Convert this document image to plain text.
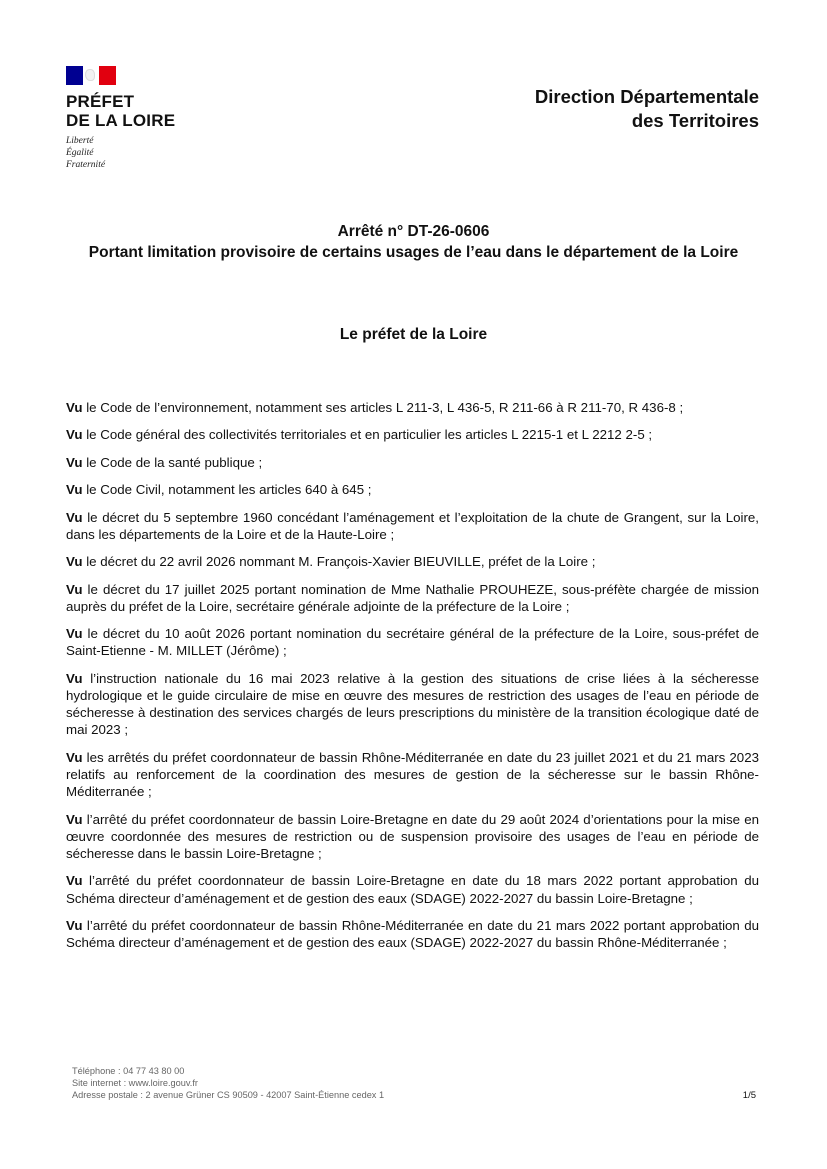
PRÉFET
DE LA LOIRE
Liberté
Égalité
Fraternité
Direction Départementale
des Territoires
Arrêté n° DT-26-0606
Portant limitation provisoire de certains usages de l’eau dans le département de la Loire
Le préfet de la Loire

Vu le Code de l’environnement, notamment ses articles L 211-3, L 436-5, R 211-66 à R 211-70, R 436-8 ;

Vu le Code général des collectivités territoriales et en particulier les articles L 2215-1 et L 2212 2-5 ;

Vu le Code de la santé publique ;

Vu le Code Civil, notamment les articles 640 à 645 ;

Vu le décret du 5 septembre 1960 concédant l’aménagement et l’exploitation de la chute de Grangent, sur la Loire, dans les départements de la Loire et de la Haute-Loire ;

Vu le décret du 22 avril 2026 nommant M. François-Xavier BIEUVILLE, préfet de la Loire ;

Vu le décret du 17 juillet 2025 portant nomination de Mme Nathalie PROUHEZE, sous-préfète chargée de mission auprès du préfet de la Loire, secrétaire générale adjointe de la préfecture de la Loire ;

Vu le décret du 10 août 2026 portant nomination du secrétaire général de la préfecture de la Loire, sous-préfet de Saint-Etienne - M. MILLET (Jérôme) ;

Vu l’instruction nationale du 16 mai 2023 relative à la gestion des situations de crise liées à la sécheresse hydrologique et le guide circulaire de mise en œuvre des mesures de restriction des usages de l’eau en période de sécheresse à destination des services chargés de leurs prescriptions du ministère de la transition écologique daté de mai 2023 ;

Vu les arrêtés du préfet coordonnateur de bassin Rhône-Méditerranée en date du 23 juillet 2021 et du 21 mars 2023 relatifs au renforcement de la coordination des mesures de gestion de la sécheresse sur le bassin Rhône-Méditerranée ;

Vu l’arrêté du préfet coordonnateur de bassin Loire-Bretagne en date du 29 août 2024 d’orientations pour la mise en œuvre coordonnée des mesures de restriction ou de suspension provisoire des usages de l’eau en période de sécheresse dans le bassin Loire-Bretagne ;

Vu l’arrêté du préfet coordonnateur de bassin Loire-Bretagne en date du 18 mars 2022 portant approbation du Schéma directeur d’aménagement et de gestion des eaux (SDAGE) 2022-2027 du bassin Loire-Bretagne ;

Vu l’arrêté du préfet coordonnateur de bassin Rhône-Méditerranée en date du 21 mars 2022 portant approbation du Schéma directeur d’aménagement et de gestion des eaux (SDAGE) 2022-2027 du bassin Rhône-Méditerranée ;

Téléphone : 04 77 43 80 00
Site internet : www.loire.gouv.fr
Adresse postale : 2 avenue Grüner CS 90509 - 42007 Saint-Étienne cedex 1	1/5
